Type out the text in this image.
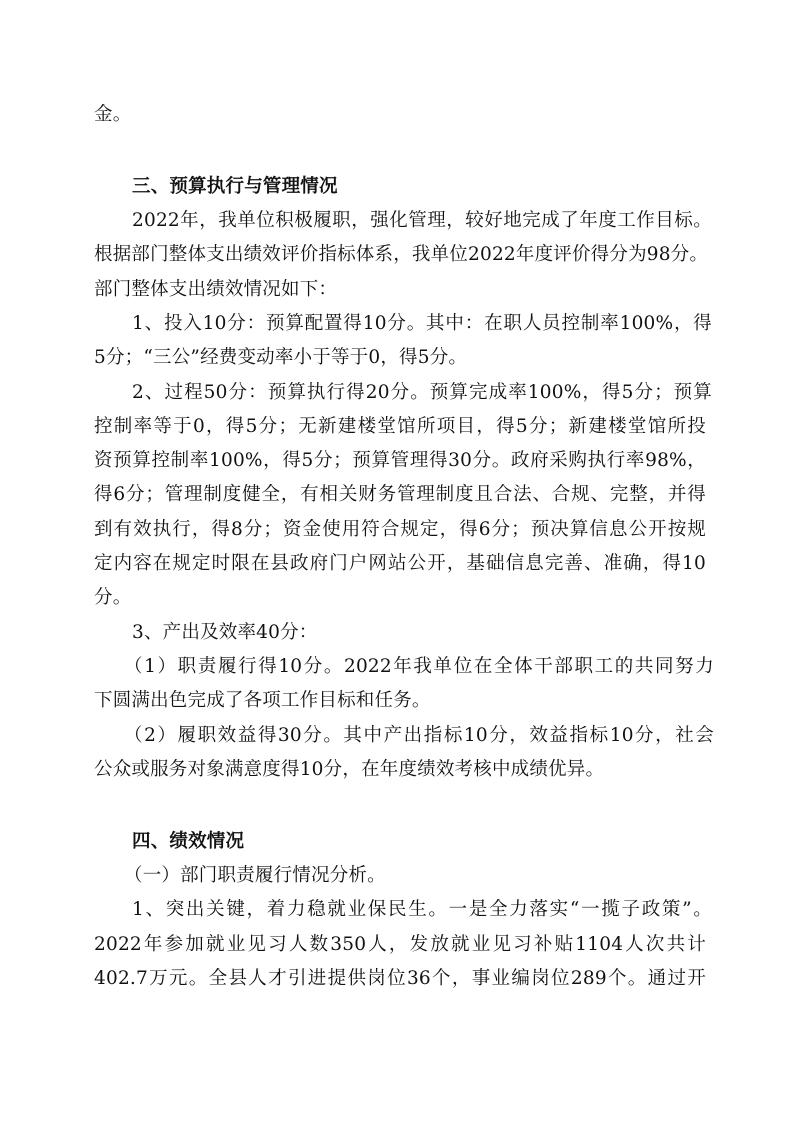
金。
三、预算执行与管理情况
2022年，我单位积极履职，强化管理，较好地完成了年度工作目标。
根据部门整体支出绩效评价指标体系，我单位2022年度评价得分为98分。
部门整体支出绩效情况如下：
1、投入10分：预算配置得10分。其中：在职人员控制率100%，得
5分；“三公”经费变动率小于等于0，得5分。
2、过程50分：预算执行得20分。预算完成率100%，得5分；预算
控制率等于0，得5分；无新建楼堂馆所项目，得5分；新建楼堂馆所投
资预算控制率100%，得5分；预算管理得30分。政府采购执行率98%，
得6分；管理制度健全，有相关财务管理制度且合法、合规、完整，并得
到有效执行，得8分；资金使用符合规定，得6分；预决算信息公开按规
定内容在规定时限在县政府门户网站公开，基础信息完善、准确，得10
分。
3、产出及效率40分：
（1）职责履行得10分。2022年我单位在全体干部职工的共同努力
下圆满出色完成了各项工作目标和任务。
（2）履职效益得30分。其中产出指标10分，效益指标10分，社会
公众或服务对象满意度得10分，在年度绩效考核中成绩优异。
四、绩效情况
（一）部门职责履行情况分析。
1、突出关键，着力稳就业保民生。一是全力落实“一揽子政策”。
2022年参加就业见习人数350人，发放就业见习补贴1104人次共计
402.7万元。全县人才引进提供岗位36个，事业编岗位289个。通过开
